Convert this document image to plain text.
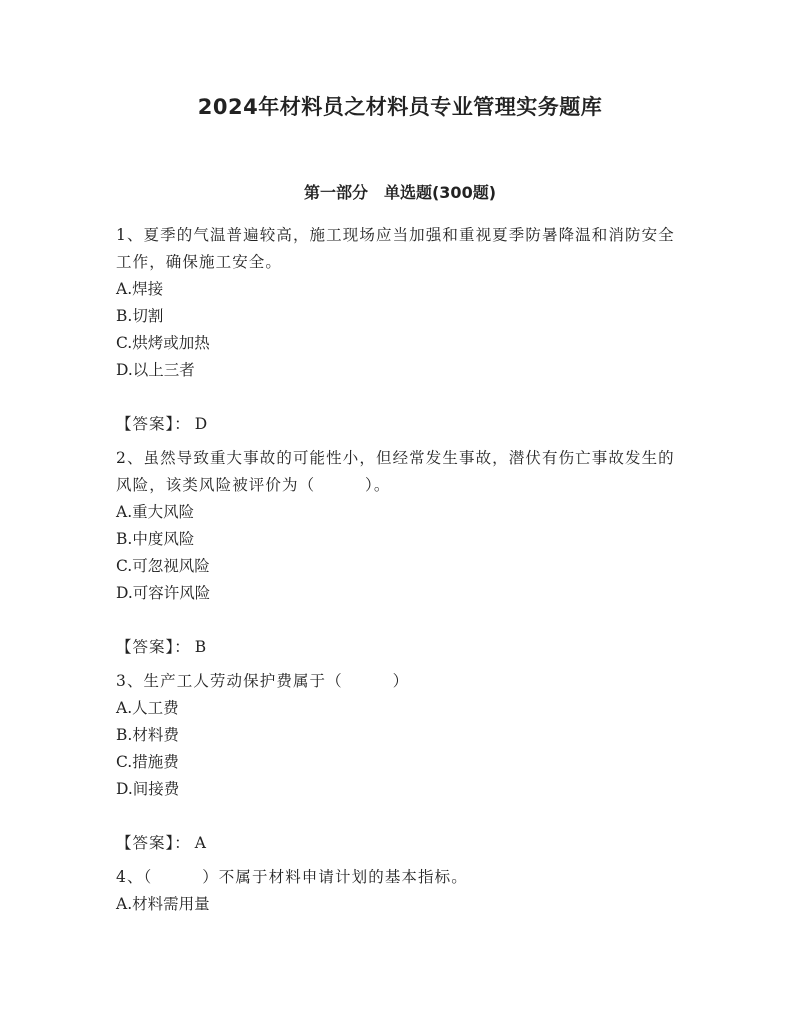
2024年材料员之材料员专业管理实务题库
第一部分 单选题(300题)

1、夏季的气温普遍较高，施工现场应当加强和重视夏季防暑降温和消防安全工作，确保施工安全。

A.焊接
B.切割
C.烘烤或加热
D.以上三者

【答案】： D

2、虽然导致重大事故的可能性小，但经常发生事故，潜伏有伤亡事故发生的风险，该类风险被评价为（　　　）。

A.重大风险
B.中度风险
C.可忽视风险
D.可容许风险

【答案】： B

3、生产工人劳动保护费属于（　　　）

A.人工费
B.材料费
C.措施费
D.间接费

【答案】： A

4、（　　　）不属于材料申请计划的基本指标。

A.材料需用量
